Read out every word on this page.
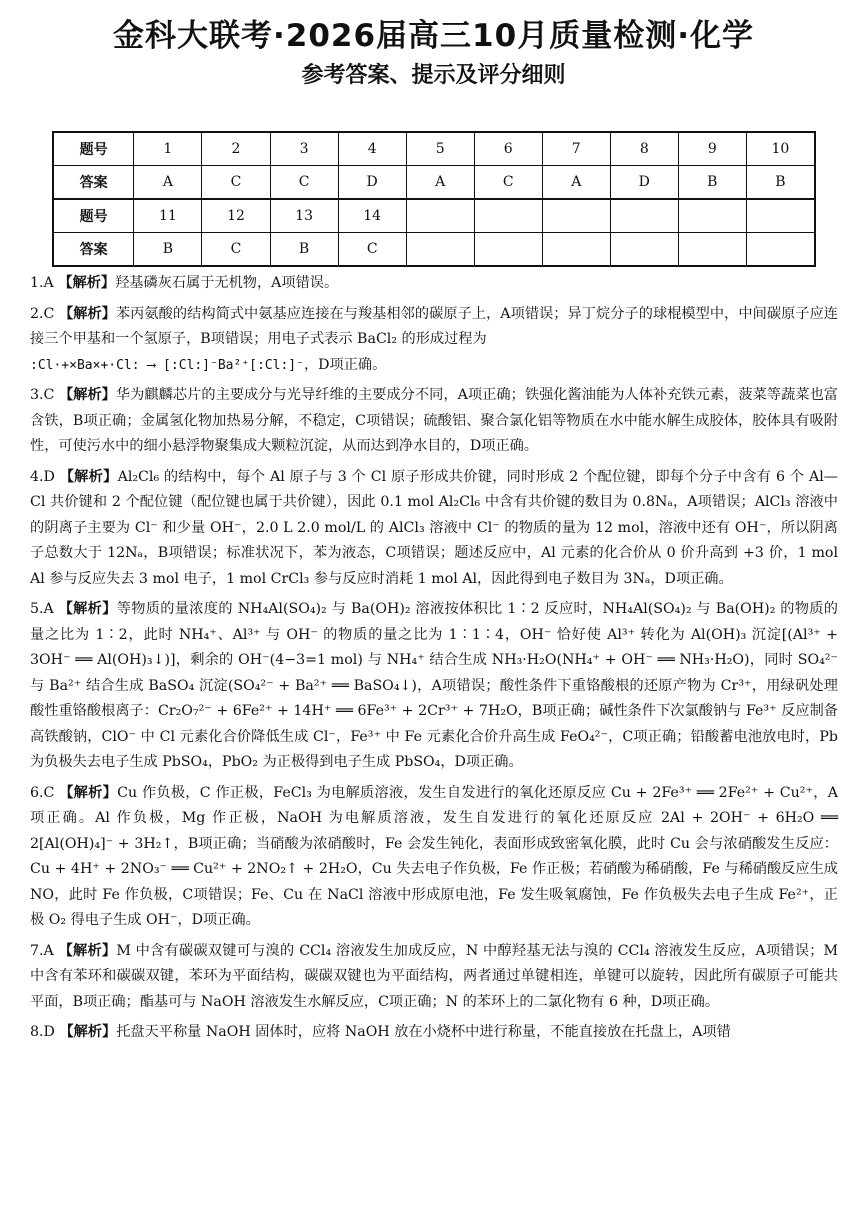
金科大联考·2026届高三10月质量检测·化学
参考答案、提示及评分细则
题号	1	2	3	4	5	6	7	8	9	10
答案	A	C	C	D	A	C	A	D	B	B
题号	11	12	13	14						
答案	B	C	B	C						

1.A 【解析】羟基磷灰石属于无机物，A项错误。

2.C 【解析】苯丙氨酸的结构简式中氨基应连接在与羧基相邻的碳原子上，A项错误；异丁烷分子的球棍模型中，中间碳原子应连接三个甲基和一个氢原子，B项错误；用电子式表示 BaCl₂ 的形成过程为
:Cl·+×Ba×+·Cl: ⟶ [:Cl:]⁻Ba²⁺[:Cl:]⁻，D项正确。

3.C 【解析】华为麒麟芯片的主要成分与光导纤维的主要成分不同，A项正确；铁强化酱油能为人体补充铁元素，菠菜等蔬菜也富含铁，B项正确；金属氢化物加热易分解，不稳定，C项错误；硫酸铝、聚合氯化铝等物质在水中能水解生成胶体，胶体具有吸附性，可使污水中的细小悬浮物聚集成大颗粒沉淀，从而达到净水目的，D项正确。

4.D 【解析】Al₂Cl₆ 的结构中，每个 Al 原子与 3 个 Cl 原子形成共价键，同时形成 2 个配位键，即每个分子中含有 6 个 Al—Cl 共价键和 2 个配位键（配位键也属于共价键），因此 0.1 mol Al₂Cl₆ 中含有共价键的数目为 0.8Nₐ，A项错误；AlCl₃ 溶液中的阴离子主要为 Cl⁻ 和少量 OH⁻，2.0 L 2.0 mol/L 的 AlCl₃ 溶液中 Cl⁻ 的物质的量为 12 mol，溶液中还有 OH⁻，所以阴离子总数大于 12Nₐ，B项错误；标准状况下，苯为液态，C项错误；题述反应中，Al 元素的化合价从 0 价升高到 +3 价，1 mol Al 参与反应失去 3 mol 电子，1 mol CrCl₃ 参与反应时消耗 1 mol Al，因此得到电子数目为 3Nₐ，D项正确。

5.A 【解析】等物质的量浓度的 NH₄Al(SO₄)₂ 与 Ba(OH)₂ 溶液按体积比 1∶2 反应时，NH₄Al(SO₄)₂ 与 Ba(OH)₂ 的物质的量之比为 1∶2，此时 NH₄⁺、Al³⁺ 与 OH⁻ 的物质的量之比为 1∶1∶4，OH⁻ 恰好使 Al³⁺ 转化为 Al(OH)₃ 沉淀[(Al³⁺ + 3OH⁻ ══ Al(OH)₃↓)]，剩余的 OH⁻(4−3=1 mol) 与 NH₄⁺ 结合生成 NH₃·H₂O(NH₄⁺ + OH⁻ ══ NH₃·H₂O)，同时 SO₄²⁻ 与 Ba²⁺ 结合生成 BaSO₄ 沉淀(SO₄²⁻ + Ba²⁺ ══ BaSO₄↓)，A项错误；酸性条件下重铬酸根的还原产物为 Cr³⁺，用绿矾处理酸性重铬酸根离子：Cr₂O₇²⁻ + 6Fe²⁺ + 14H⁺ ══ 6Fe³⁺ + 2Cr³⁺ + 7H₂O，B项正确；碱性条件下次氯酸钠与 Fe³⁺ 反应制备高铁酸钠，ClO⁻ 中 Cl 元素化合价降低生成 Cl⁻，Fe³⁺ 中 Fe 元素化合价升高生成 FeO₄²⁻，C项正确；铅酸蓄电池放电时，Pb 为负极失去电子生成 PbSO₄，PbO₂ 为正极得到电子生成 PbSO₄，D项正确。

6.C 【解析】Cu 作负极，C 作正极，FeCl₃ 为电解质溶液，发生自发进行的氧化还原反应 Cu + 2Fe³⁺ ══ 2Fe²⁺ + Cu²⁺，A项正确。Al 作负极，Mg 作正极，NaOH 为电解质溶液，发生自发进行的氧化还原反应 2Al + 2OH⁻ + 6H₂O ══ 2[Al(OH)₄]⁻ + 3H₂↑，B项正确；当硝酸为浓硝酸时，Fe 会发生钝化，表面形成致密氧化膜，此时 Cu 会与浓硝酸发生反应：Cu + 4H⁺ + 2NO₃⁻ ══ Cu²⁺ + 2NO₂↑ + 2H₂O，Cu 失去电子作负极，Fe 作正极；若硝酸为稀硝酸，Fe 与稀硝酸反应生成 NO，此时 Fe 作负极，C项错误；Fe、Cu 在 NaCl 溶液中形成原电池，Fe 发生吸氧腐蚀，Fe 作负极失去电子生成 Fe²⁺，正极 O₂ 得电子生成 OH⁻，D项正确。

7.A 【解析】M 中含有碳碳双键可与溴的 CCl₄ 溶液发生加成反应，N 中醇羟基无法与溴的 CCl₄ 溶液发生反应，A项错误；M 中含有苯环和碳碳双键，苯环为平面结构，碳碳双键也为平面结构，两者通过单键相连，单键可以旋转，因此所有碳原子可能共平面，B项正确；酯基可与 NaOH 溶液发生水解反应，C项正确；N 的苯环上的二氯化物有 6 种，D项正确。

8.D 【解析】托盘天平称量 NaOH 固体时，应将 NaOH 放在小烧杯中进行称量，不能直接放在托盘上，A项错
